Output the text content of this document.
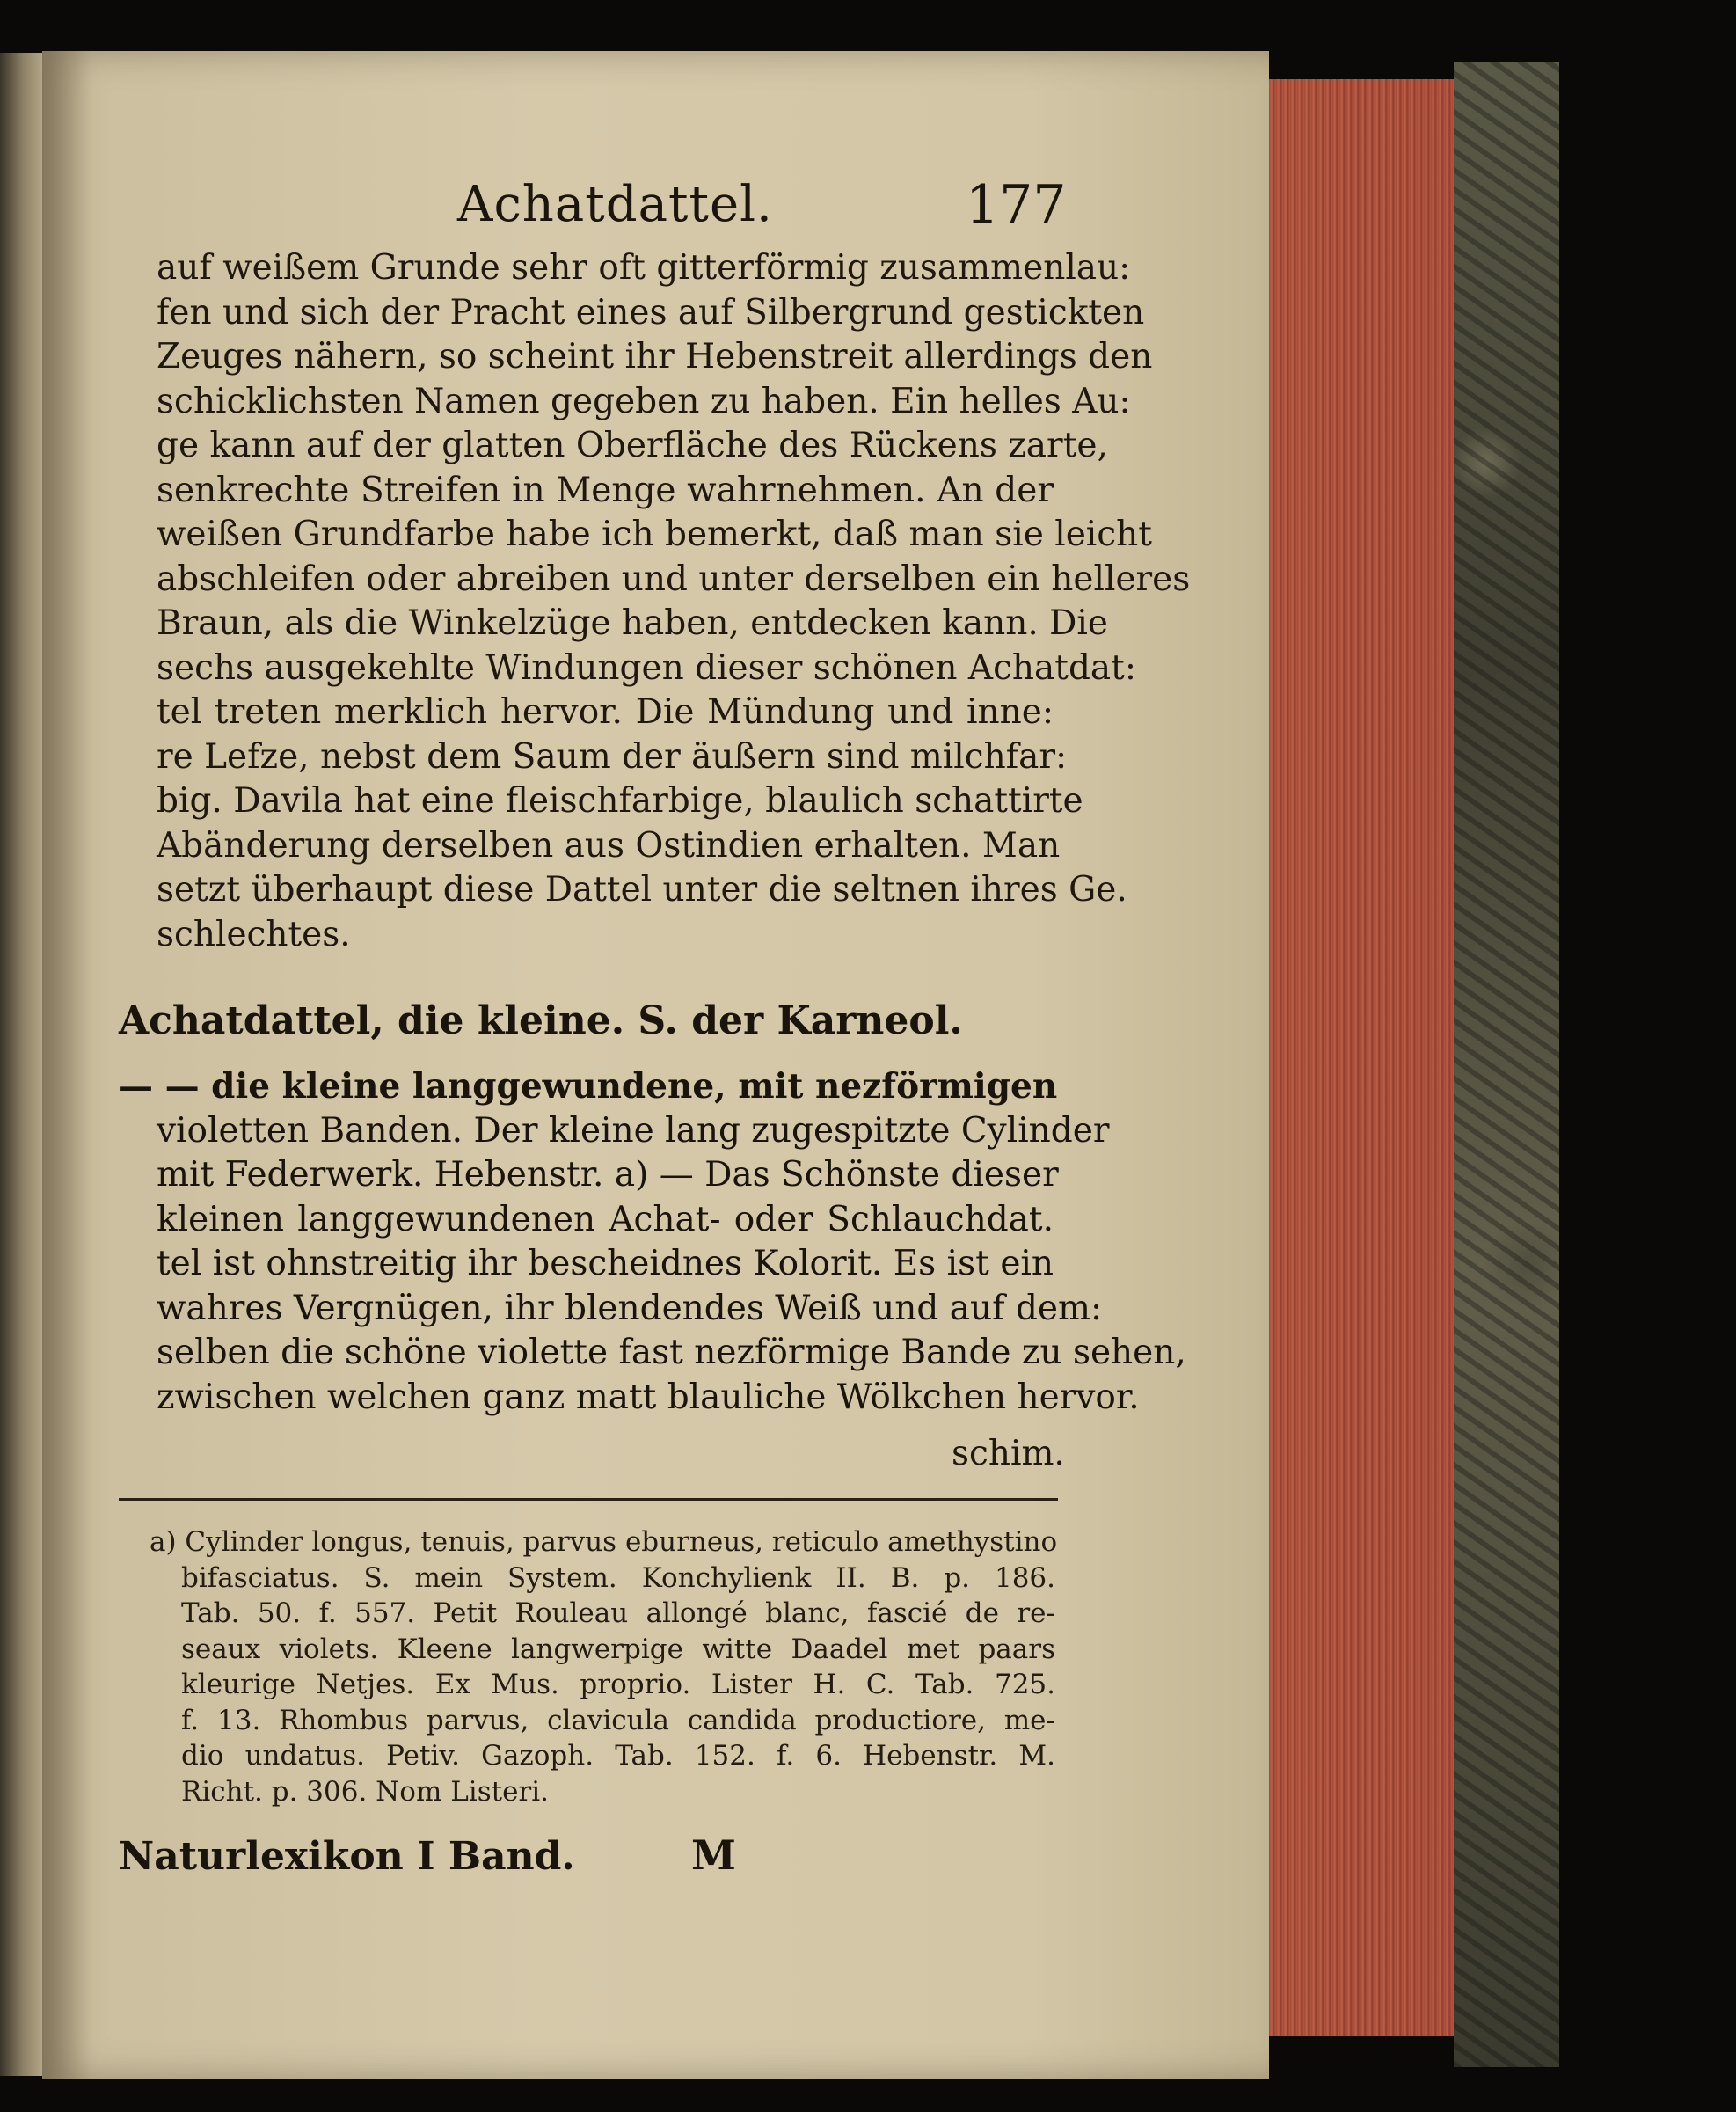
Achatdattel.	177
auf weißem Grunde sehr oft gitterförmig zusammenlau:
fen und sich der Pracht eines auf Silbergrund gestickten
Zeuges nähern, so scheint ihr Hebenstreit allerdings den
schicklichsten Namen gegeben zu haben. Ein helles Au:
ge kann auf der glatten Oberfläche des Rückens zarte,
senkrechte Streifen in Menge wahrnehmen. An der
weißen Grundfarbe habe ich bemerkt, daß man sie leicht
abschleifen oder abreiben und unter derselben ein helleres
Braun, als die Winkelzüge haben, entdecken kann. Die
sechs ausgekehlte Windungen dieser schönen Achatdat:
tel treten merklich hervor. Die Mündung und inne:
re Lefze, nebst dem Saum der äußern sind milchfar:
big. Davila hat eine fleischfarbige, blaulich schattirte
Abänderung derselben aus Ostindien erhalten. Man
setzt überhaupt diese Dattel unter die seltnen ihres Ge.
schlechtes.
Achatdattel, die kleine. S. der Karneol.
— — die kleine langgewundene, mit nezförmigen
violetten Banden. Der kleine lang zugespitzte Cylinder
mit Federwerk. Hebenstr. a) — Das Schönste dieser
kleinen langgewundenen Achat- oder Schlauchdat.
tel ist ohnstreitig ihr bescheidnes Kolorit. Es ist ein
wahres Vergnügen, ihr blendendes Weiß und auf dem:
selben die schöne violette fast nezförmige Bande zu sehen,
zwischen welchen ganz matt blauliche Wölkchen hervor.
schim.
a) Cylinder longus, tenuis, parvus eburneus, reticulo amethystino
bifasciatus. S. mein System. Konchylienk II. B. p. 186.
Tab. 50. f. 557. Petit Rouleau allongé blanc, fascié de re-
seaux violets. Kleene langwerpige witte Daadel met paars
kleurige Netjes. Ex Mus. proprio. Lister H. C. Tab. 725.
f. 13. Rhombus parvus, clavicula candida productiore, me-
dio undatus. Petiv. Gazoph. Tab. 152. f. 6. Hebenstr. M.
Richt. p. 306. Nom Listeri.
Naturlexikon I Band.	M
